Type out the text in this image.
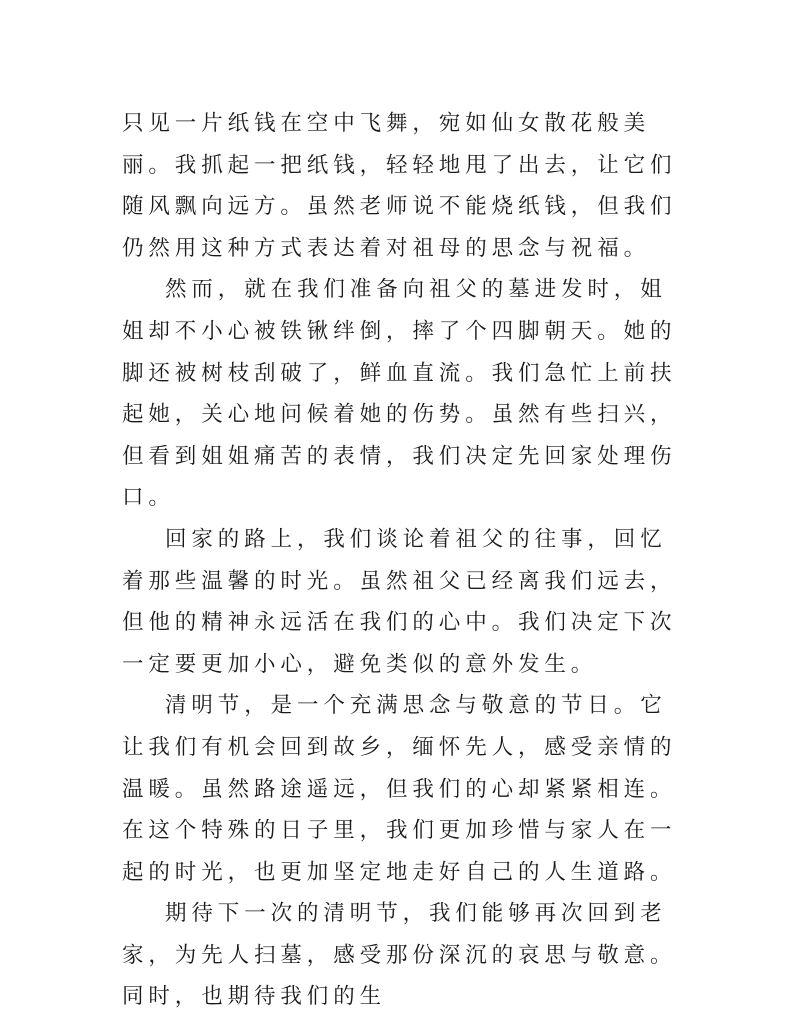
只见一片纸钱在空中飞舞，宛如仙女散花般美丽。我抓起一把纸钱，轻轻地甩了出去，让它们随风飘向远方。虽然老师说不能烧纸钱，但我们仍然用这种方式表达着对祖母的思念与祝福。

然而，就在我们准备向祖父的墓进发时，姐姐却不小心被铁锹绊倒，摔了个四脚朝天。她的脚还被树枝刮破了，鲜血直流。我们急忙上前扶起她，关心地问候着她的伤势。虽然有些扫兴，但看到姐姐痛苦的表情，我们决定先回家处理伤口。

回家的路上，我们谈论着祖父的往事，回忆着那些温馨的时光。虽然祖父已经离我们远去，但他的精神永远活在我们的心中。我们决定下次一定要更加小心，避免类似的意外发生。

清明节，是一个充满思念与敬意的节日。它让我们有机会回到故乡，缅怀先人，感受亲情的温暖。虽然路途遥远，但我们的心却紧紧相连。在这个特殊的日子里，我们更加珍惜与家人在一起的时光，也更加坚定地走好自己的人生道路。

期待下一次的清明节，我们能够再次回到老家，为先人扫墓，感受那份深沉的哀思与敬意。同时，也期待我们的生
